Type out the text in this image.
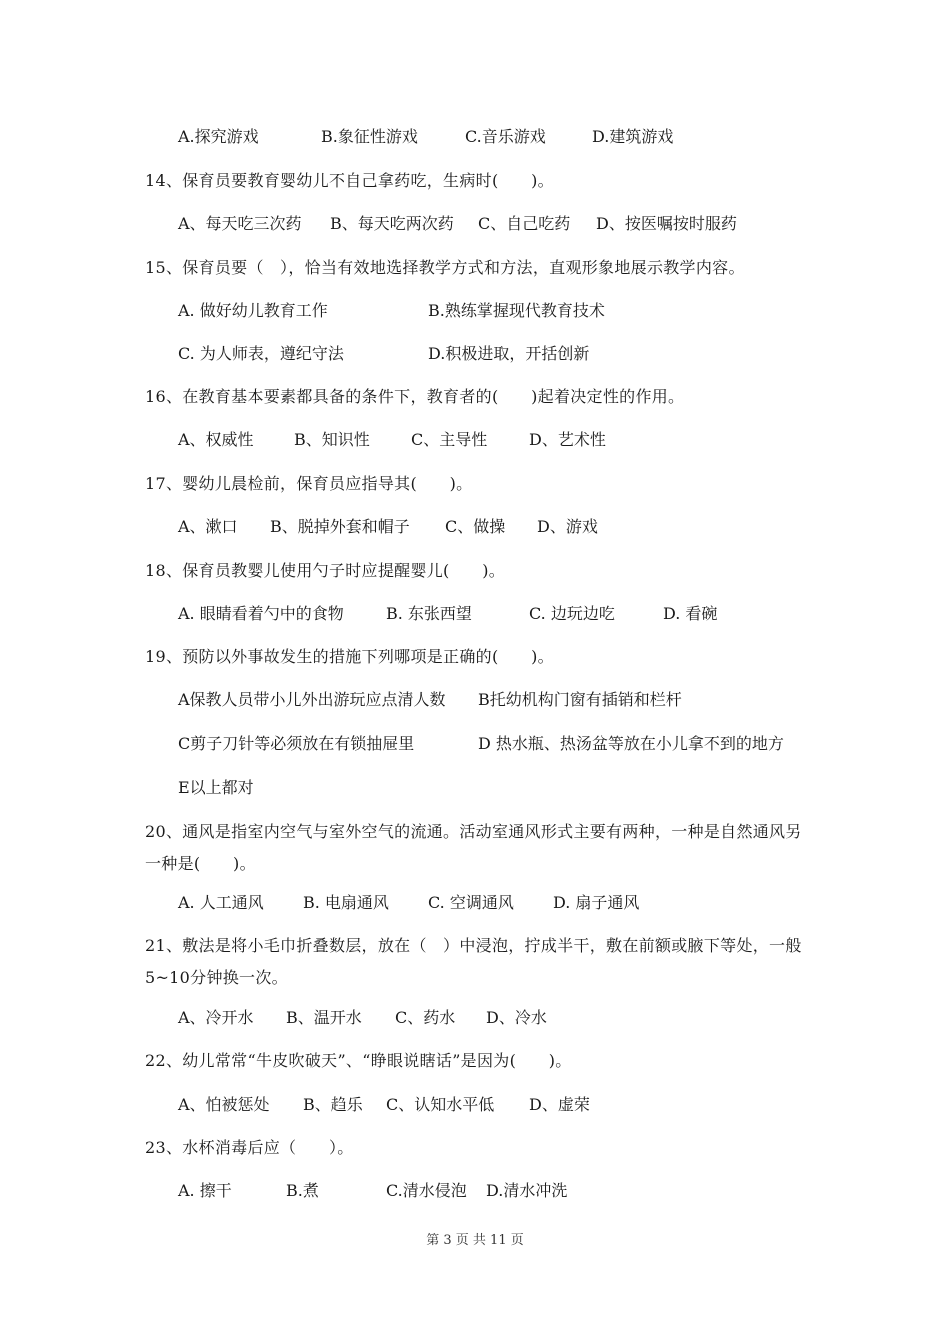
A.探究游戏	B.象征性游戏	C.音乐游戏	D.建筑游戏
14、保育员要教育婴幼儿不自己拿药吃，生病时(　　)。
A、每天吃三次药 B、每天吃两次药 C、自己吃药 D、按医嘱按时服药
15、保育员要（　），恰当有效地选择教学方式和方法，直观形象地展示教学内容。
A. 做好幼儿教育工作	B.熟练掌握现代教育技术
C. 为人师表，遵纪守法	D.积极进取，开括创新
16、在教育基本要素都具备的条件下，教育者的(　　)起着决定性的作用。
A、权威性	B、知识性	C、主导性	D、艺术性
17、婴幼儿晨检前，保育员应指导其(　　)。
A、漱口 B、脱掉外套和帽子 C、做操 D、游戏
18、保育员教婴儿使用勺子时应提醒婴儿(　　)。
A. 眼睛看着勺中的食物	B. 东张西望	C. 边玩边吃	D. 看碗
19、预防以外事故发生的措施下列哪项是正确的(　　)。
A保教人员带小儿外出游玩应点清人数 B托幼机构门窗有插销和栏杆
C剪子刀针等必须放在有锁抽屉里	D 热水瓶、热汤盆等放在小儿拿不到的地方
E以上都对
20、通风是指室内空气与室外空气的流通。活动室通风形式主要有两种，一种是自然通风另一种是(　　)。
A. 人工通风 B. 电扇通风 C. 空调通风 D. 扇子通风
21、敷法是将小毛巾折叠数层，放在（　）中浸泡，拧成半干，敷在前额或腋下等处，一般5~10分钟换一次。
A、冷开水 B、温开水 C、药水 D、冷水
22、幼儿常常“牛皮吹破天”、“睁眼说瞎话”是因为(　　)。
A、怕被惩处 B、趋乐 C、认知水平低 D、虚荣
23、水杯消毒后应（　　）。
A. 擦干	B.煮	C.清水侵泡 D.清水冲洗
第 3 页 共 11 页
